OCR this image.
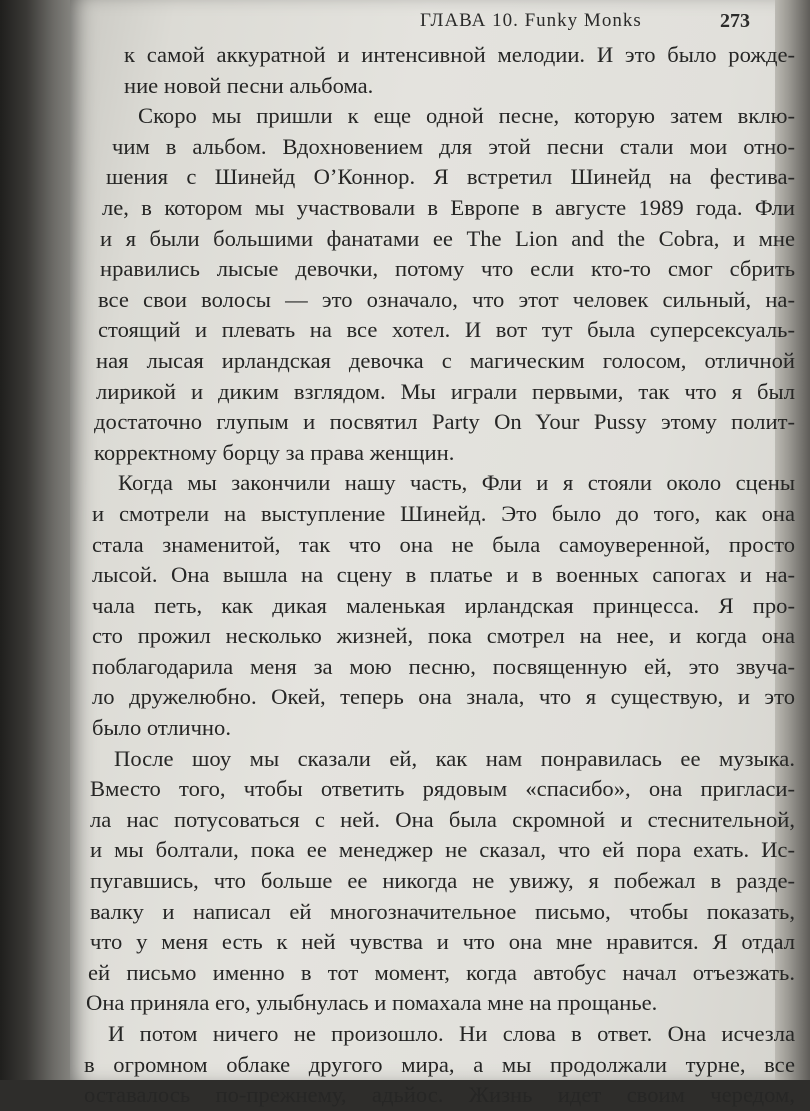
ГЛАВА 10. Funky Monks	273
к самой аккуратной и интенсивной мелодии. И это было рожде-
ние новой песни альбома.
Скоро мы пришли к еще одной песне, которую затем вклю-
чим в альбом. Вдохновением для этой песни стали мои отно-
шения с Шинейд О’Коннор. Я встретил Шинейд на фестива-
ле, в котором мы участвовали в Европе в августе 1989 года. Фли
и я были большими фанатами ее The Lion and the Cobra, и мне
нравились лысые девочки, потому что если кто-то смог сбрить
все свои волосы — это означало, что этот человек сильный, на-
стоящий и плевать на все хотел. И вот тут была суперсексуаль-
ная лысая ирландская девочка с магическим голосом, отличной
лирикой и диким взглядом. Мы играли первыми, так что я был
достаточно глупым и посвятил Party On Your Pussy этому полит-
корректному борцу за права женщин.
Когда мы закончили нашу часть, Фли и я стояли около сцены
и смотрели на выступление Шинейд. Это было до того, как она
стала знаменитой, так что она не была самоуверенной, просто
лысой. Она вышла на сцену в платье и в военных сапогах и на-
чала петь, как дикая маленькая ирландская принцесса. Я про-
сто прожил несколько жизней, пока смотрел на нее, и когда она
поблагодарила меня за мою песню, посвященную ей, это звуча-
ло дружелюбно. Окей, теперь она знала, что я существую, и это
было отлично.
После шоу мы сказали ей, как нам понравилась ее музыка.
Вместо того, чтобы ответить рядовым «спасибо», она пригласи-
ла нас потусоваться с ней. Она была скромной и стеснительной,
и мы болтали, пока ее менеджер не сказал, что ей пора ехать. Ис-
пугавшись, что больше ее никогда не увижу, я побежал в разде-
валку и написал ей многозначительное письмо, чтобы показать,
что у меня есть к ней чувства и что она мне нравится. Я отдал
ей письмо именно в тот момент, когда автобус начал отъезжать.
Она приняла его, улыбнулась и помахала мне на прощанье.
И потом ничего не произошло. Ни слова в ответ. Она исчезла
в огромном облаке другого мира, а мы продолжали турне, все
оставалось по-прежнему, адьйос. Жизнь идет своим чередом,
